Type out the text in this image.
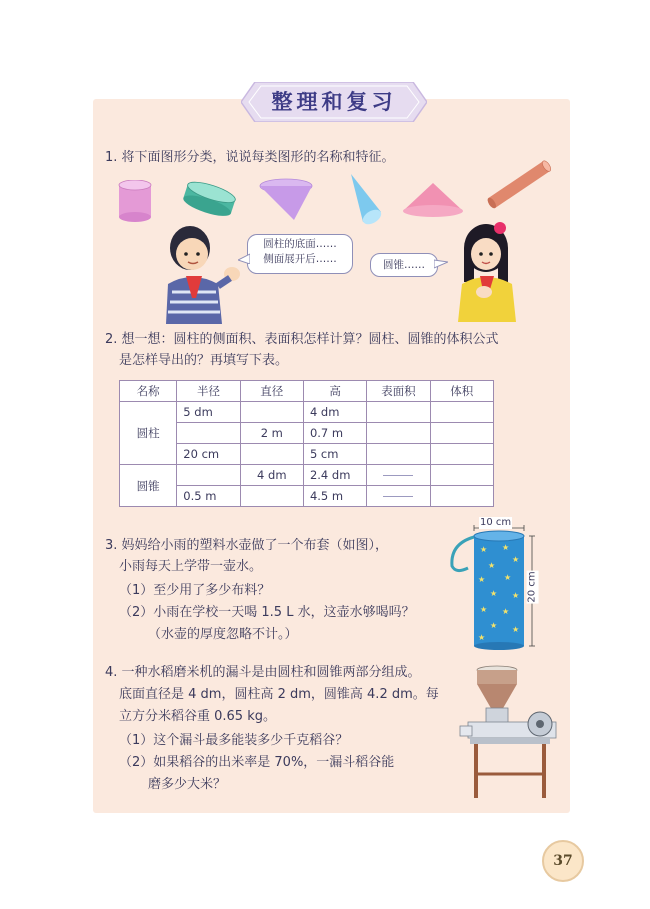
整理和复习
1. 将下面图形分类，说说每类图形的名称和特征。
圆柱的底面……
侧面展开后……	圆锥……
2. 想一想：圆柱的侧面积、表面积怎样计算？圆柱、圆锥的体积公式
是怎样导出的？再填写下表。
名称	半径	直径	高	表面积	体积
圆柱	5 dm		4 dm		
		2 m	0.7 m		
	20 cm		5 cm		
圆锥		4 dm	2.4 dm		
	0.5 m		4.5 m		
3. 妈妈给小雨的塑料水壶做了一个布套（如图），
小雨每天上学带一壶水。
（1）至少用了多少布料？
（2）小雨在学校一天喝 1.5 L 水，这壶水够喝吗？
（水壶的厚度忽略不计。）
★ ★
★
★
★ ★
★ ★
★ ★
★ ★
★
10 cm
20 cm
4. 一种水稻磨米机的漏斗是由圆柱和圆锥两部分组成。
底面直径是 4 dm，圆柱高 2 dm，圆锥高 4.2 dm。每
立方分米稻谷重 0.65 kg。
（1）这个漏斗最多能装多少千克稻谷？
（2）如果稻谷的出米率是 70%，一漏斗稻谷能
磨多少大米？
37
